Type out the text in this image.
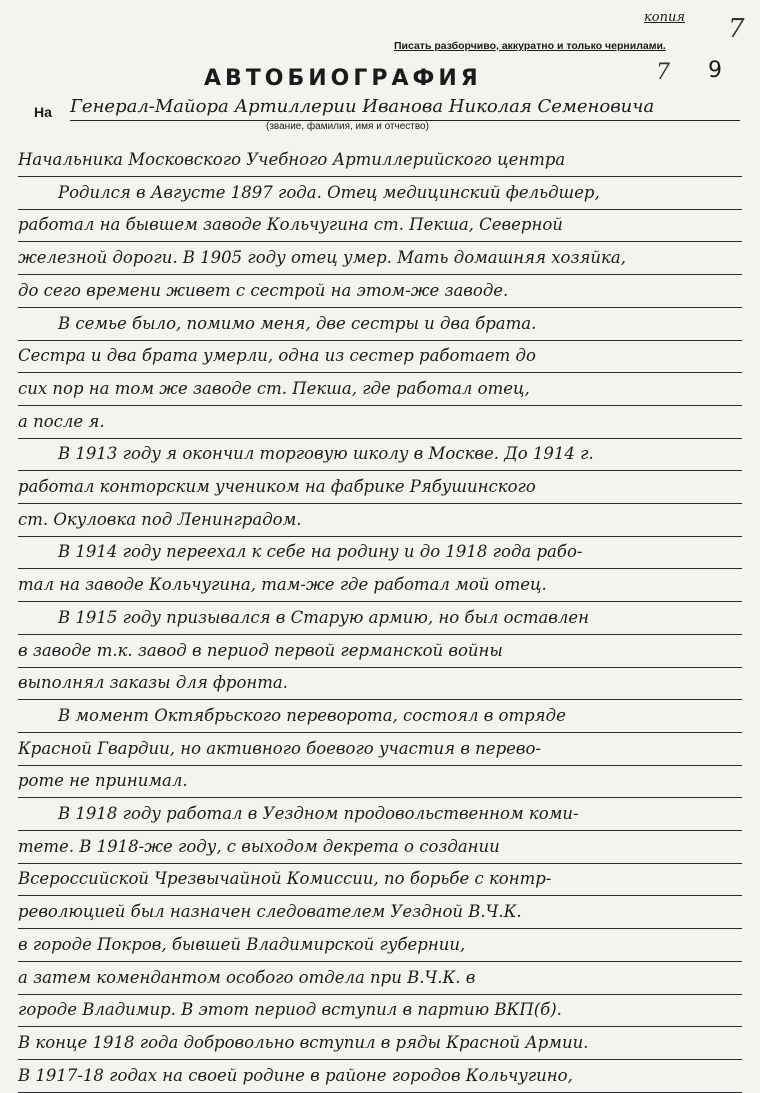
копия 7
7 9
Писать разборчиво, аккуратно и только чернилами.
АВТОБИОГРАФИЯ
На Генерал-Майора Артиллерии Иванова Николая Семеновича
(звание, фамилия, имя и отчество)
Начальника Московского Учебного Артиллерийского центра
Родился в Августе 1897 года. Отец медицинский фельдшер,
работал на бывшем заводе Кольчугина ст. Пекша, Северной
железной дороги. В 1905 году отец умер. Мать домашняя хозяйка,
до сего времени живет с сестрой на этом-же заводе.
В семье было, помимо меня, две сестры и два брата.
Сестра и два брата умерли, одна из сестер работает до
сих пор на том же заводе ст. Пекша, где работал отец,
а после я.
В 1913 году я окончил торговую школу в Москве. До 1914 г.
работал конторским учеником на фабрике Рябушинского
ст. Окуловка под Ленинградом.
В 1914 году переехал к себе на родину и до 1918 года рабо-
тал на заводе Кольчугина, там-же где работал мой отец.
В 1915 году призывался в Старую армию, но был оставлен
в заводе т.к. завод в период первой германской войны
выполнял заказы для фронта.
В момент Октябрьского переворота, состоял в отряде
Красной Гвардии, но активного боевого участия в перево-
роте не принимал.
В 1918 году работал в Уездном продовольственном коми-
тете. В 1918-же году, с выходом декрета о создании
Всероссийской Чрезвычайной Комиссии, по борьбе с контр-
революцией был назначен следователем Уездной В.Ч.К.
в городе Покров, бывшей Владимирской губернии,
а затем комендантом особого отдела при В.Ч.К. в
городе Владимир. В этот период вступил в партию ВКП(б).
В конце 1918 года добровольно вступил в ряды Красной Армии.
В 1917-18 годах на своей родине в районе городов Кольчугино,
